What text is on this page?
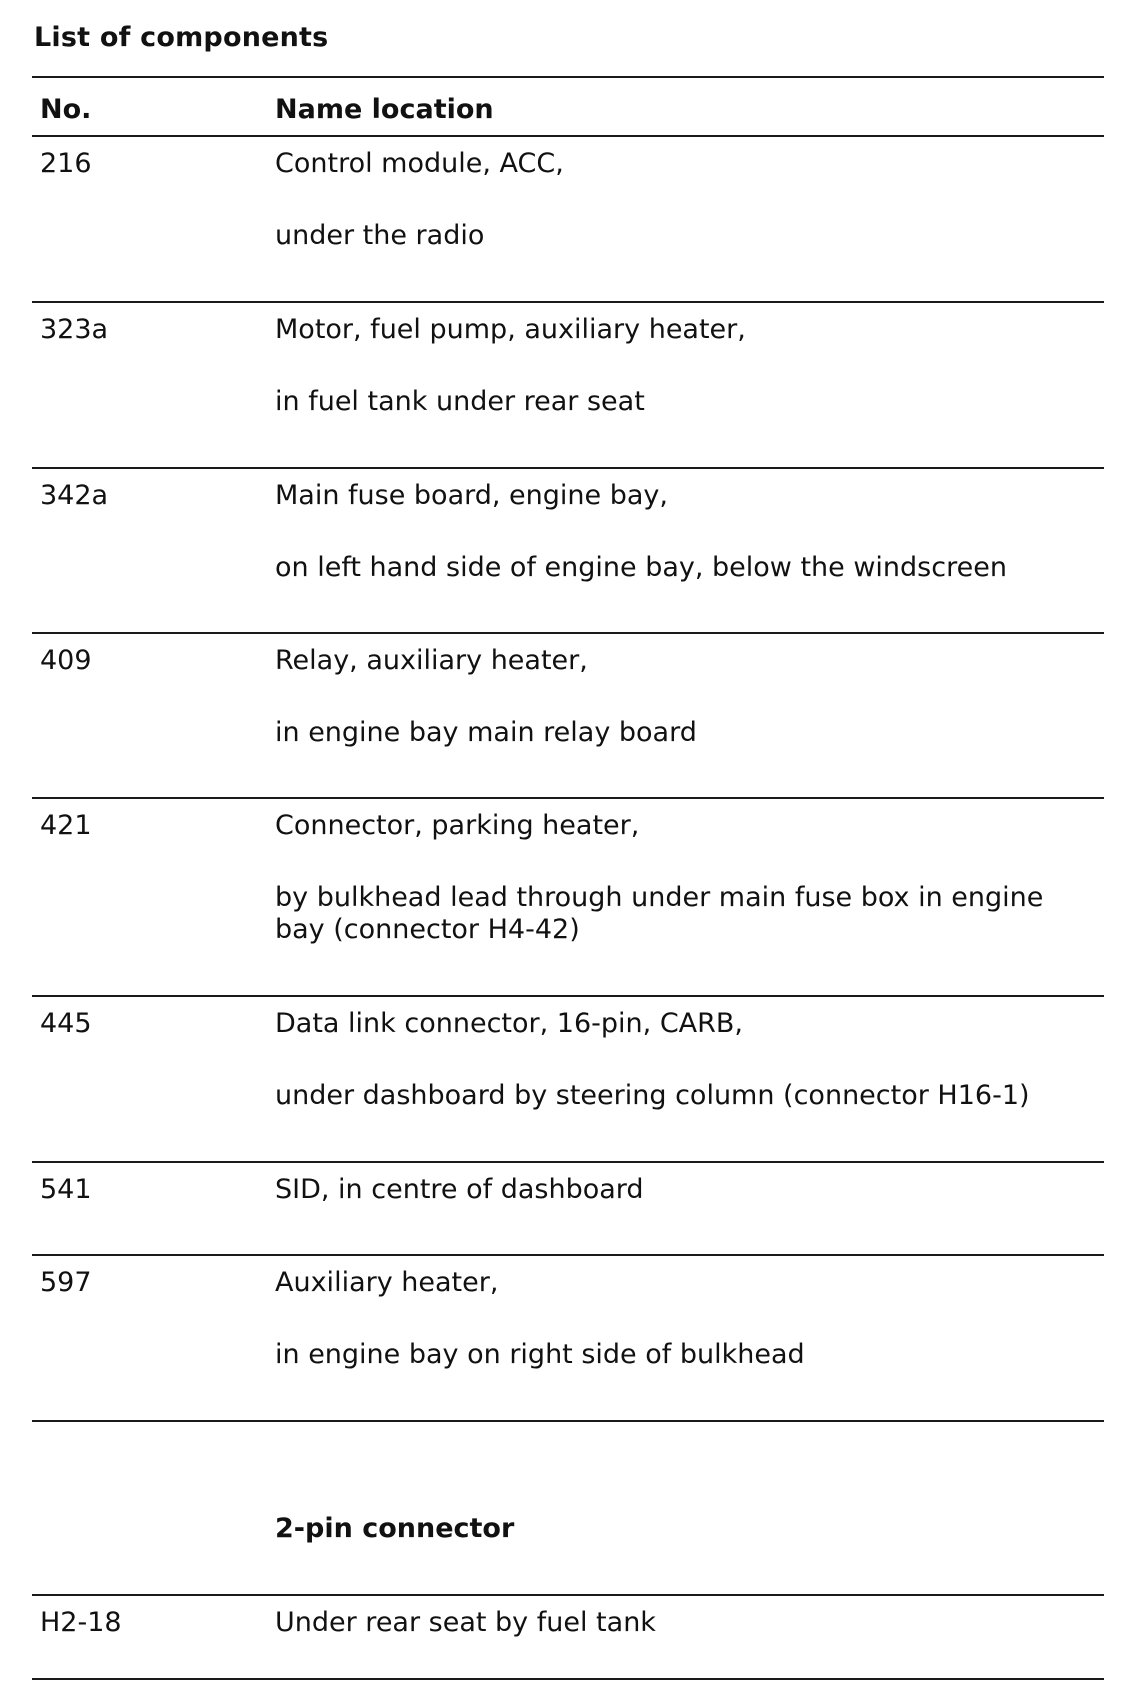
List of components
No.	Name location
216	Control module, ACC,
under the radio
323a	Motor, fuel pump, auxiliary heater,
in fuel tank under rear seat
342a	Main fuse board, engine bay,
on left hand side of engine bay, below the windscreen
409	Relay, auxiliary heater,
in engine bay main relay board
421	Connector, parking heater,
by bulkhead lead through under main fuse box in engine bay (connector H4-42)
445	Data link connector, 16-pin, CARB,
under dashboard by steering column (connector H16-1)
541	SID, in centre of dashboard
597	Auxiliary heater,
in engine bay on right side of bulkhead
2-pin connector
H2-18	Under rear seat by fuel tank
